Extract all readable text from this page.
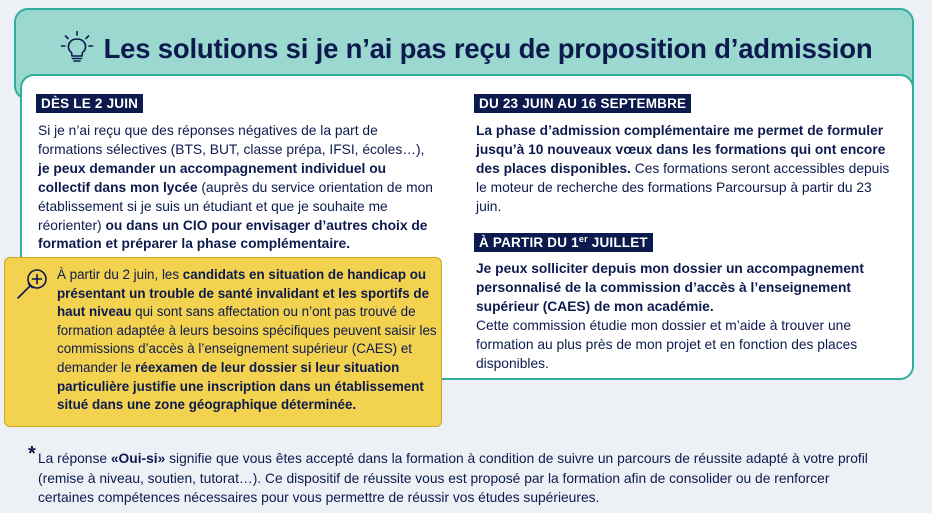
Les solutions si je n’ai pas reçu de proposition d’admission
DÈS LE 2 JUIN

Si je n’ai reçu que des réponses négatives de la part de formations sélectives (BTS, BUT, classe prépa, IFSI, écoles…), je peux demander un accompagnement individuel ou collectif dans mon lycée (auprès du service orientation de mon établissement si je suis un étudiant et que je souhaite me réorienter) ou dans un CIO pour envisager d’autres choix de formation et préparer la phase complémentaire.

DU 23 JUIN AU 16 SEPTEMBRE

La phase d’admission complémentaire me permet de formuler jusqu’à 10 nouveaux vœux dans les formations qui ont encore des places disponibles. Ces formations seront accessibles depuis le moteur de recherche des formations Parcoursup à partir du 23 juin.

À PARTIR DU 1er JUILLET

Je peux solliciter depuis mon dossier un accompagnement personnalisé de la commission d’accès à l’enseignement supérieur (CAES) de mon académie.
Cette commission étudie mon dossier et m’aide à trouver une formation au plus près de mon projet et en fonction des places disponibles.

À partir du 2 juin, les candidats en situation de handicap ou présentant un trouble de santé invalidant et les sportifs de haut niveau qui sont sans affectation ou n’ont pas trouvé de formation adaptée à leurs besoins spécifiques peuvent saisir les commissions d’accès à l’enseignement supérieur (CAES) et demander le réexamen de leur dossier si leur situation particulière justifie une inscription dans un établissement situé dans une zone géographique déterminée.

* La réponse «Oui-si» signifie que vous êtes accepté dans la formation à condition de suivre un parcours de réussite adapté à votre profil (remise à niveau, soutien, tutorat…). Ce dispositif de réussite vous est proposé par la formation afin de consolider ou de renforcer certaines compétences nécessaires pour vous permettre de réussir vos études supérieures.
